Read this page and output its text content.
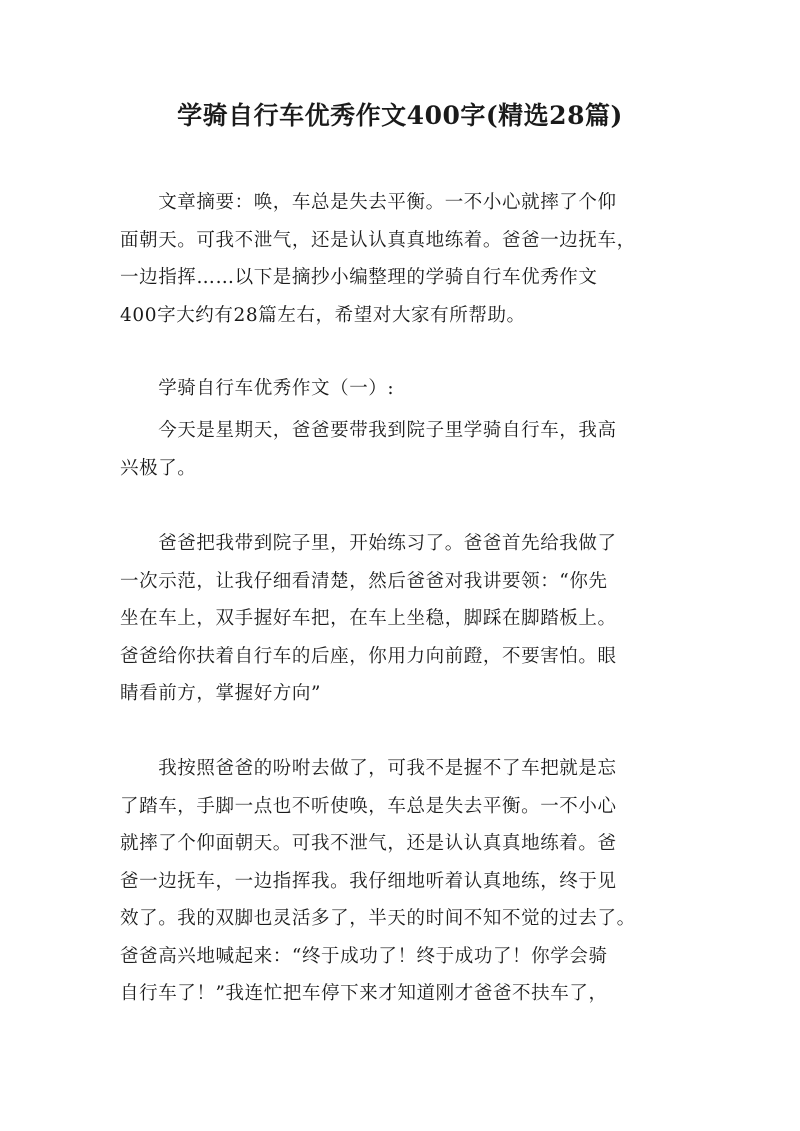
学骑自行车优秀作文400字(精选28篇)
　　文章摘要：唤，车总是失去平衡。一不小心就摔了个仰
面朝天。可我不泄气，还是认认真真地练着。爸爸一边抚车，
一边指挥……以下是摘抄小编整理的学骑自行车优秀作文
400字大约有28篇左右，希望对大家有所帮助。
　　学骑自行车优秀作文（一）:
　　今天是星期天，爸爸要带我到院子里学骑自行车，我高
兴极了。
　　爸爸把我带到院子里，开始练习了。爸爸首先给我做了
一次示范，让我仔细看清楚，然后爸爸对我讲要领：“你先
坐在车上，双手握好车把，在车上坐稳，脚踩在脚踏板上。
爸爸给你扶着自行车的后座，你用力向前蹬，不要害怕。眼
睛看前方，掌握好方向”
　　我按照爸爸的吩咐去做了，可我不是握不了车把就是忘
了踏车，手脚一点也不听使唤，车总是失去平衡。一不小心
就摔了个仰面朝天。可我不泄气，还是认认真真地练着。爸
爸一边抚车，一边指挥我。我仔细地听着认真地练，终于见
效了。我的双脚也灵活多了，半天的时间不知不觉的过去了。
爸爸高兴地喊起来：“终于成功了！终于成功了！你学会骑
自行车了！”我连忙把车停下来才知道刚才爸爸不扶车了，
